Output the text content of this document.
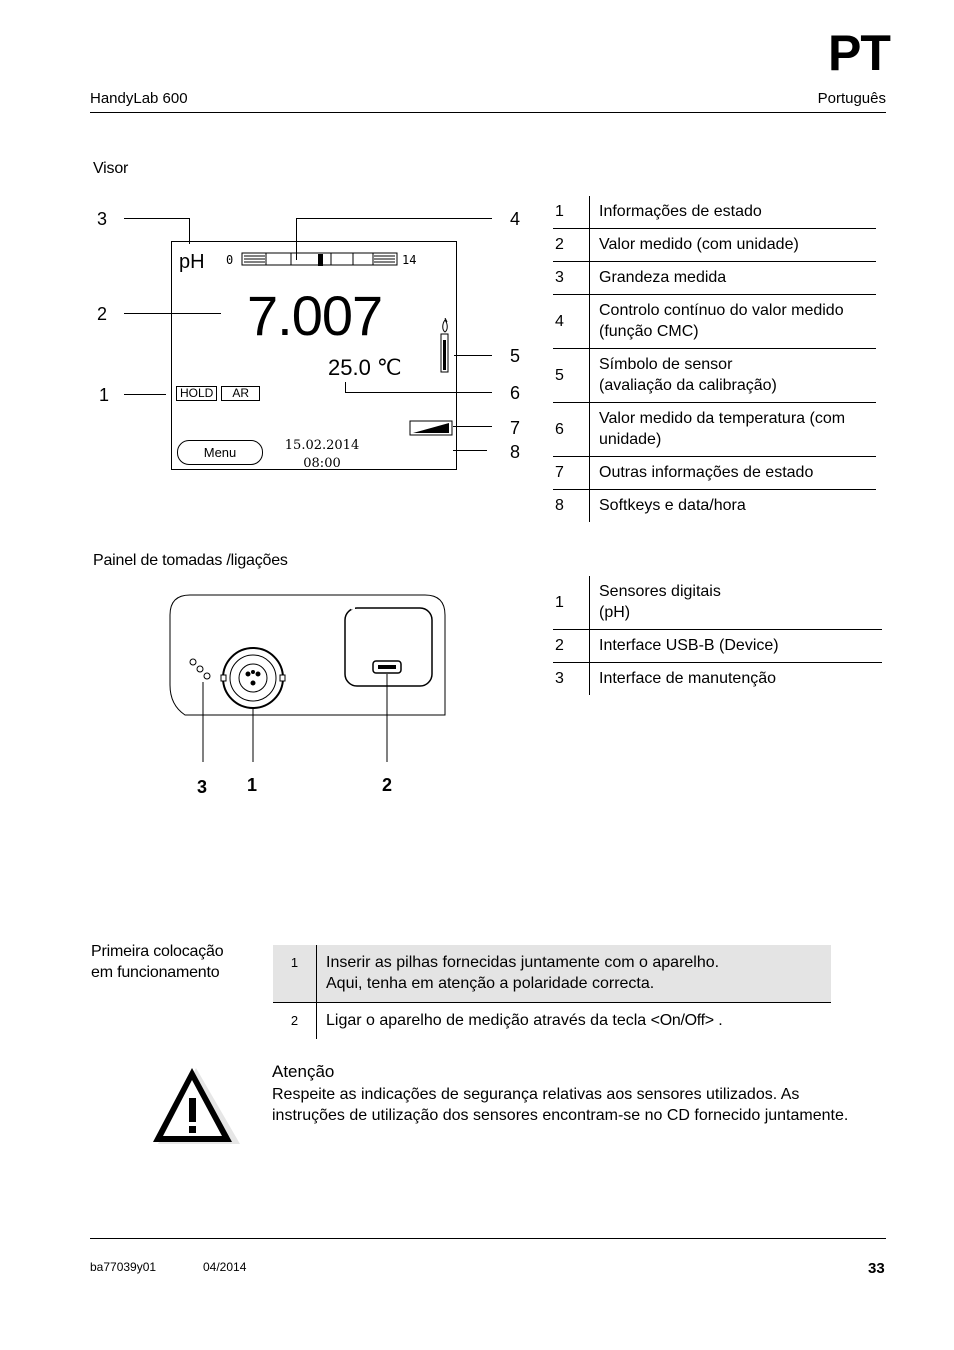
PT
HandyLab 600	Português
Visor
pH 0	14
7.007
25.0 ℃
HOLD	AR
Menu	15.02.2014
08:00
3	4
2
1
5
6
7
8
1	Informações de estado
2	Valor medido (com unidade)
3	Grandeza medida
4	Controlo contínuo do valor medido (função CMC)
5	Símbolo de sensor
(avaliação da calibração)
6	Valor medido da temperatura (com unidade)
7	Outras informações de estado
8	Softkeys e data/hora
Painel de tomadas /ligações
3 1	2
1	Sensores digitais
(pH)
2	Interface USB-B (Device)
3	Interface de manutenção
Primeira colocação em funcionamento
1	Inserir as pilhas fornecidas juntamente com o aparelho.
Aqui, tenha em atenção a polaridade correcta.
2	Ligar o aparelho de medição através da tecla <On/Off> .
Atenção
Respeite as indicações de segurança relativas aos sensores utilizados. As instruções de utilização dos sensores encontram-se no CD fornecido juntamente.
ba77039y01	04/2014	33
